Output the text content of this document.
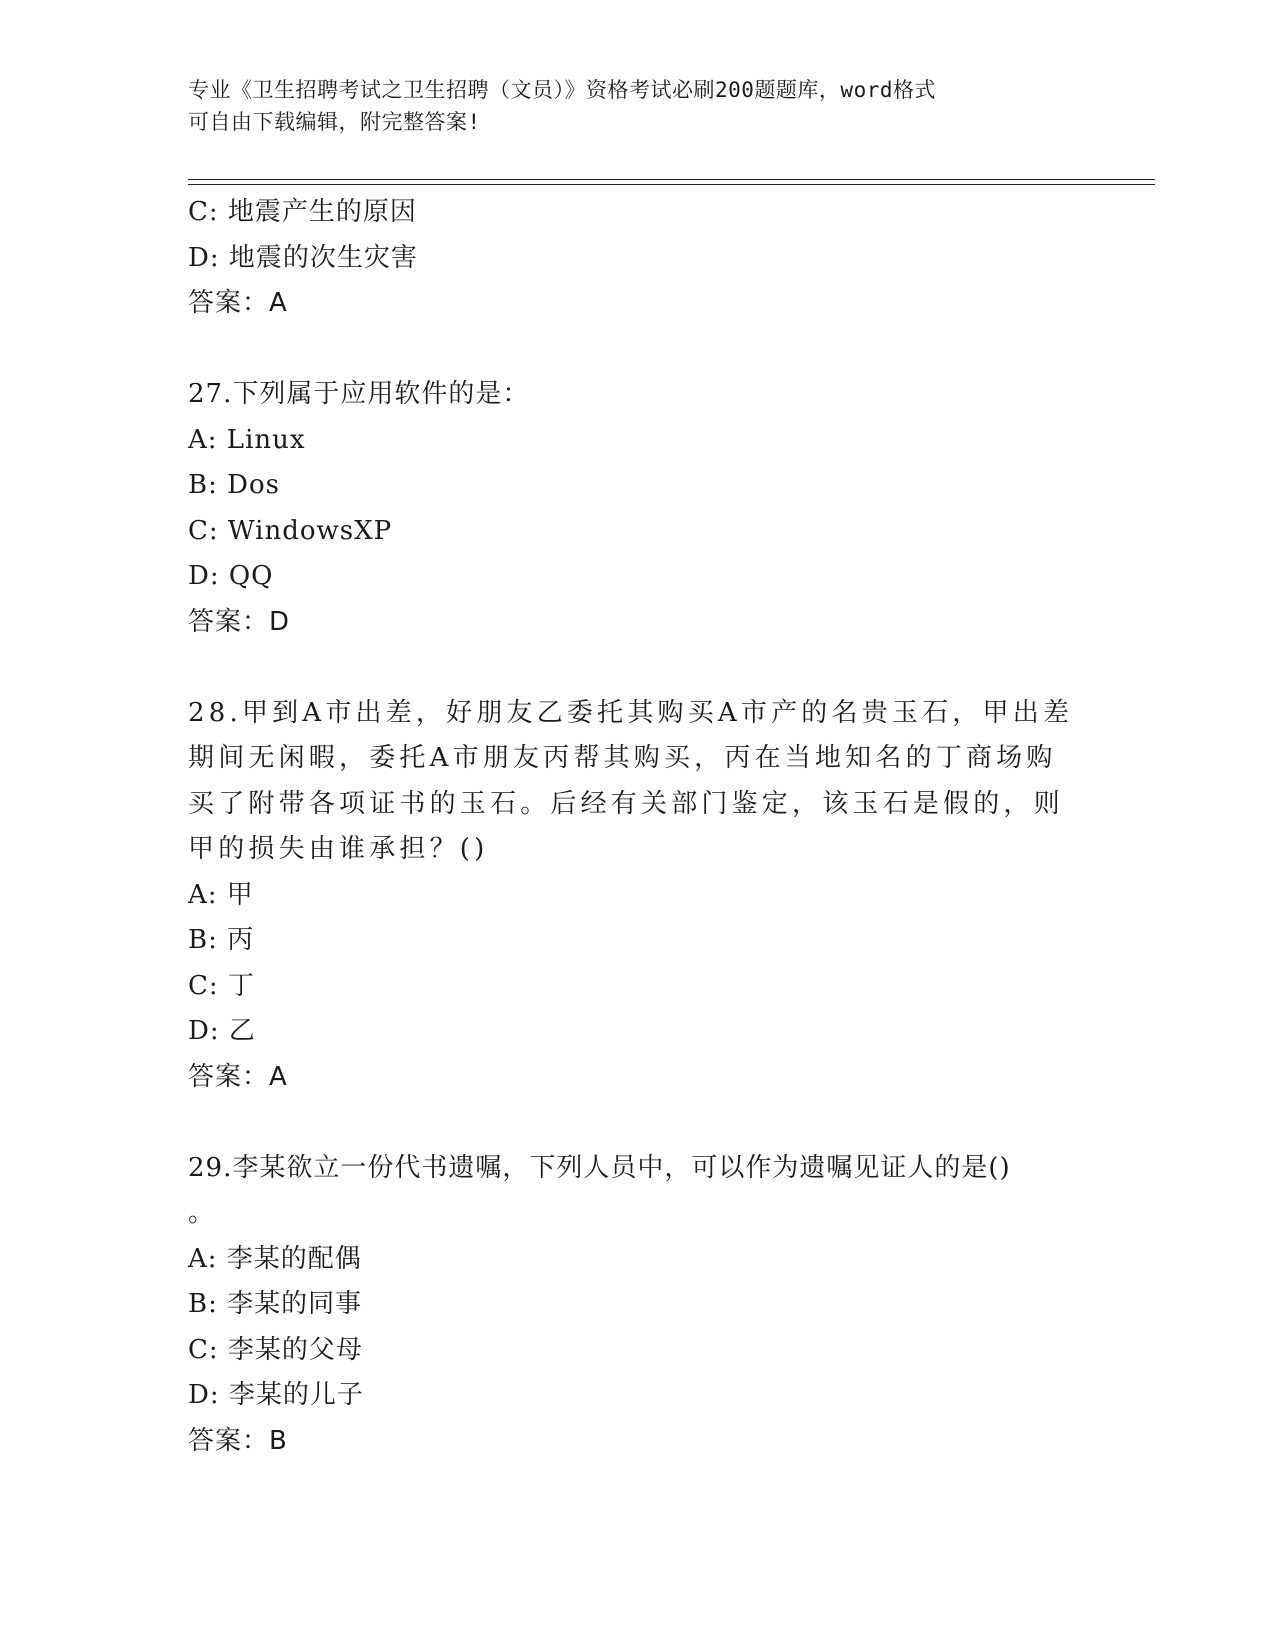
专业《卫生招聘考试之卫生招聘（文员）》资格考试必刷200题题库，word格式
可自由下载编辑，附完整答案!
C: 地震产生的原因
D: 地震的次生灾害
答案：A
27.下列属于应用软件的是：
A: Linux
B: Dos
C: WindowsXP
D: QQ
答案：D
28.甲到A市出差，好朋友乙委托其购买A市产的名贵玉石，甲出差期间无闲暇，委托A市朋友丙帮其购买，丙在当地知名的丁商场购买了附带各项证书的玉石。后经有关部门鉴定，该玉石是假的，则甲的损失由谁承担？()
A: 甲
B: 丙
C: 丁
D: 乙
答案：A
29.李某欲立一份代书遗嘱，下列人员中，可以作为遗嘱见证人的是()
。
A: 李某的配偶
B: 李某的同事
C: 李某的父母
D: 李某的儿子
答案：B
